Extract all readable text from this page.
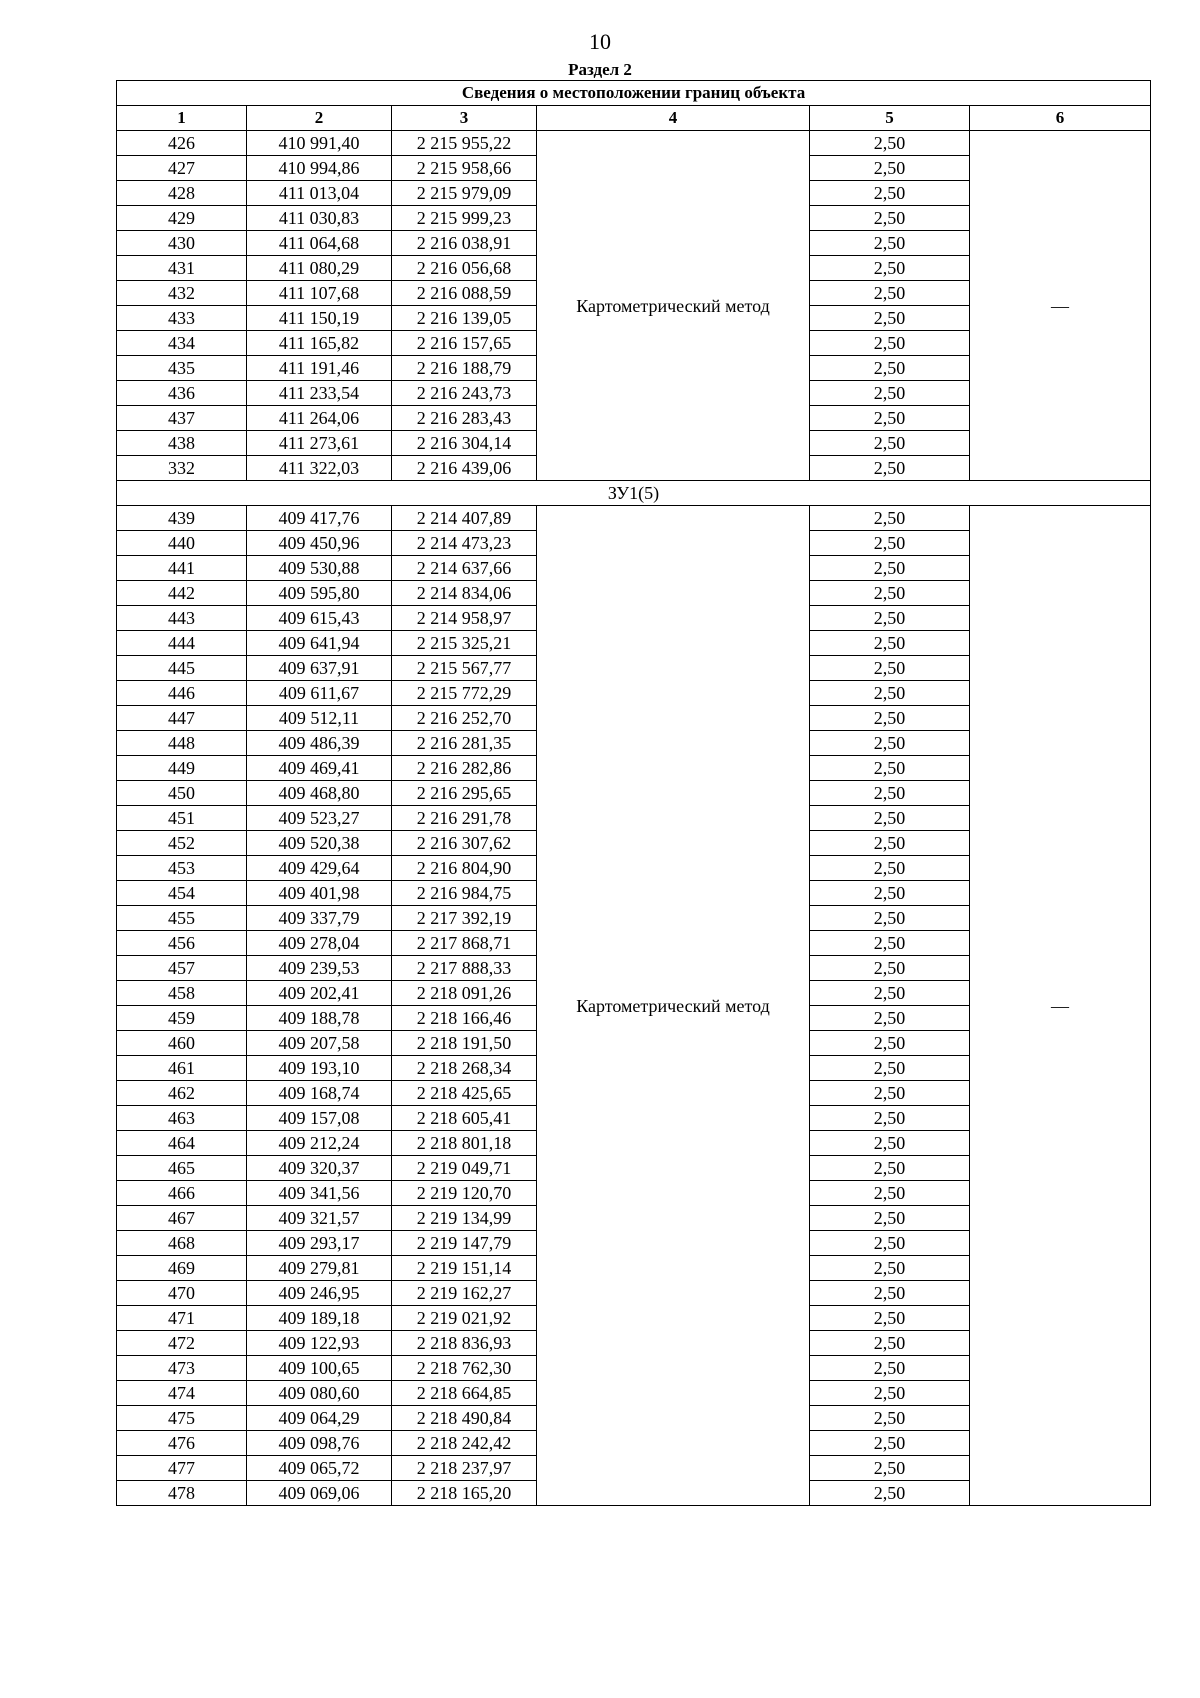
10
Раздел 2
Сведения о местоположении границ объекта					
1	2	3	4	5	6
426	410 991,40	2 215 955,22	Картометрический метод	2,50	—
427	410 994,86	2 215 958,66		2,50	
428	411 013,04	2 215 979,09		2,50	
429	411 030,83	2 215 999,23		2,50	
430	411 064,68	2 216 038,91		2,50	
431	411 080,29	2 216 056,68		2,50	
432	411 107,68	2 216 088,59		2,50	
433	411 150,19	2 216 139,05		2,50	
434	411 165,82	2 216 157,65		2,50	
435	411 191,46	2 216 188,79		2,50	
436	411 233,54	2 216 243,73		2,50	
437	411 264,06	2 216 283,43		2,50	
438	411 273,61	2 216 304,14		2,50	
332	411 322,03	2 216 439,06		2,50	
ЗУ1(5)					
439	409 417,76	2 214 407,89	Картометрический метод	2,50	—
440	409 450,96	2 214 473,23		2,50	
441	409 530,88	2 214 637,66		2,50	
442	409 595,80	2 214 834,06		2,50	
443	409 615,43	2 214 958,97		2,50	
444	409 641,94	2 215 325,21		2,50	
445	409 637,91	2 215 567,77		2,50	
446	409 611,67	2 215 772,29		2,50	
447	409 512,11	2 216 252,70		2,50	
448	409 486,39	2 216 281,35		2,50	
449	409 469,41	2 216 282,86		2,50	
450	409 468,80	2 216 295,65		2,50	
451	409 523,27	2 216 291,78		2,50	
452	409 520,38	2 216 307,62		2,50	
453	409 429,64	2 216 804,90		2,50	
454	409 401,98	2 216 984,75		2,50	
455	409 337,79	2 217 392,19		2,50	
456	409 278,04	2 217 868,71		2,50	
457	409 239,53	2 217 888,33		2,50	
458	409 202,41	2 218 091,26		2,50	
459	409 188,78	2 218 166,46		2,50	
460	409 207,58	2 218 191,50		2,50	
461	409 193,10	2 218 268,34		2,50	
462	409 168,74	2 218 425,65		2,50	
463	409 157,08	2 218 605,41		2,50	
464	409 212,24	2 218 801,18		2,50	
465	409 320,37	2 219 049,71		2,50	
466	409 341,56	2 219 120,70		2,50	
467	409 321,57	2 219 134,99		2,50	
468	409 293,17	2 219 147,79		2,50	
469	409 279,81	2 219 151,14		2,50	
470	409 246,95	2 219 162,27		2,50	
471	409 189,18	2 219 021,92		2,50	
472	409 122,93	2 218 836,93		2,50	
473	409 100,65	2 218 762,30		2,50	
474	409 080,60	2 218 664,85		2,50	
475	409 064,29	2 218 490,84		2,50	
476	409 098,76	2 218 242,42		2,50	
477	409 065,72	2 218 237,97		2,50	
478	409 069,06	2 218 165,20		2,50	
